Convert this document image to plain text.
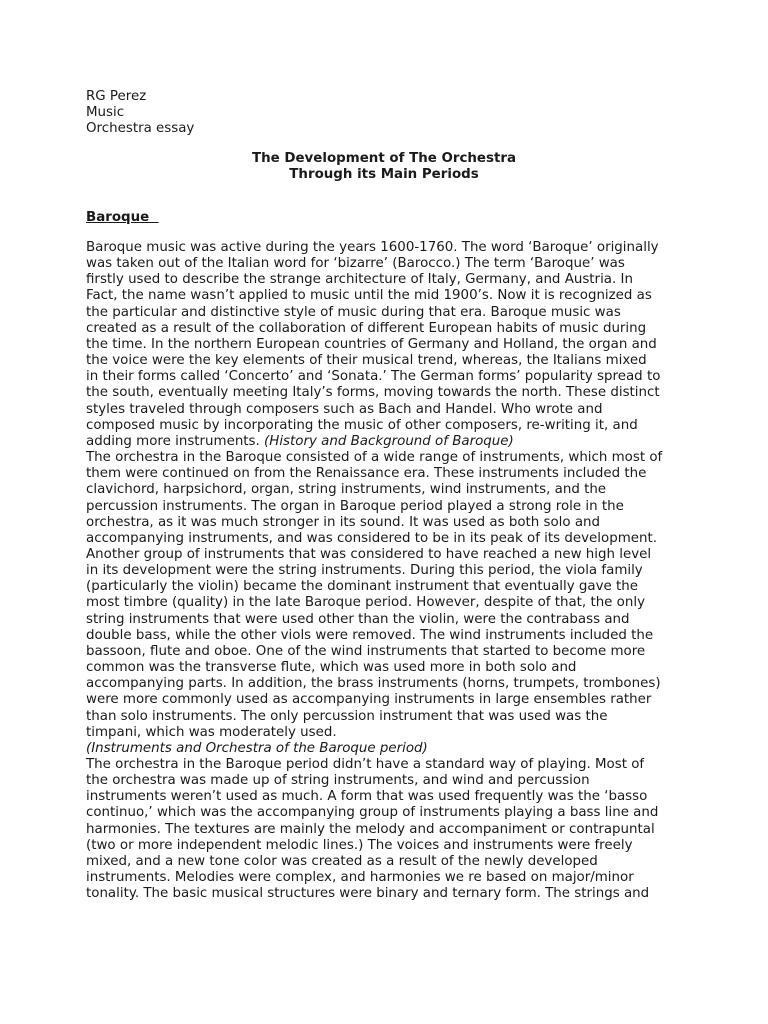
RG Perez
Music
Orchestra essay
The Development of The Orchestra
Through its Main Periods
Baroque
Baroque music was active during the years 1600-1760. The word ‘Baroque’ originally
was taken out of the Italian word for ‘bizarre’ (Barocco.) The term ‘Baroque’ was
firstly used to describe the strange architecture of Italy, Germany, and Austria. In
Fact, the name wasn’t applied to music until the mid 1900’s. Now it is recognized as
the particular and distinctive style of music during that era. Baroque music was
created as a result of the collaboration of different European habits of music during
the time. In the northern European countries of Germany and Holland, the organ and
the voice were the key elements of their musical trend, whereas, the Italians mixed
in their forms called ‘Concerto’ and ‘Sonata.’ The German forms’ popularity spread to
the south, eventually meeting Italy’s forms, moving towards the north. These distinct
styles traveled through composers such as Bach and Handel. Who wrote and
composed music by incorporating the music of other composers, re-writing it, and
adding more instruments. (History and Background of Baroque)
The orchestra in the Baroque consisted of a wide range of instruments, which most of
them were continued on from the Renaissance era. These instruments included the
clavichord, harpsichord, organ, string instruments, wind instruments, and the
percussion instruments. The organ in Baroque period played a strong role in the
orchestra, as it was much stronger in its sound. It was used as both solo and
accompanying instruments, and was considered to be in its peak of its development.
Another group of instruments that was considered to have reached a new high level
in its development were the string instruments. During this period, the viola family
(particularly the violin) became the dominant instrument that eventually gave the
most timbre (quality) in the late Baroque period. However, despite of that, the only
string instruments that were used other than the violin, were the contrabass and
double bass, while the other viols were removed. The wind instruments included the
bassoon, flute and oboe. One of the wind instruments that started to become more
common was the transverse flute, which was used more in both solo and
accompanying parts. In addition, the brass instruments (horns, trumpets, trombones)
were more commonly used as accompanying instruments in large ensembles rather
than solo instruments. The only percussion instrument that was used was the
timpani, which was moderately used.
(Instruments and Orchestra of the Baroque period)
The orchestra in the Baroque period didn’t have a standard way of playing. Most of
the orchestra was made up of string instruments, and wind and percussion
instruments weren’t used as much. A form that was used frequently was the ‘basso
continuo,’ which was the accompanying group of instruments playing a bass line and
harmonies. The textures are mainly the melody and accompaniment or contrapuntal
(two or more independent melodic lines.) The voices and instruments were freely
mixed, and a new tone color was created as a result of the newly developed
instruments. Melodies were complex, and harmonies we re based on major/minor
tonality. The basic musical structures were binary and ternary form. The strings and
